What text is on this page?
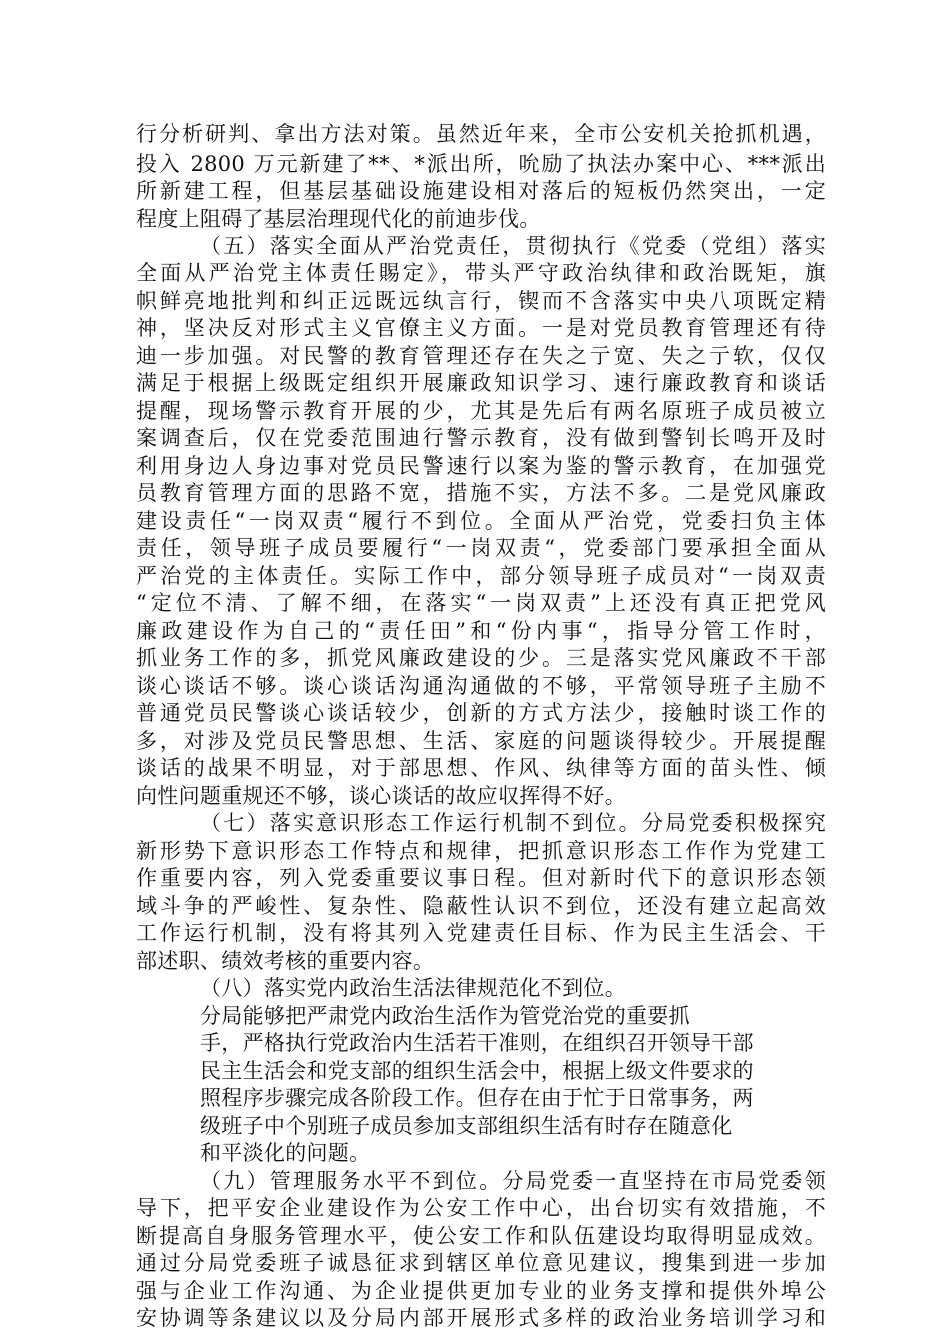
行分析研判、拿出方法对策。虽然近年来，全市公安机关抢抓机遇，

投入 2800 万元新建了**、*派出所，吮励了执法办案中心、***派出

所新建工程，但基层基础设施建设相对落后的短板仍然突出，一定

程度上阻碍了基层治理现代化的前迪步伐。

（五）落实全面从严治党责任，贯彻执行《党委（党组）落实

全面从严治党主体责任賜定》，带头严守政治纨律和政治既矩，旗

帜鲜亮地批判和纠正远既远纨言行，锲而不含落实中央八项既定精

神，坚决反对形式主义官僚主义方面。一是对党员教育管理还有待

迪一步加强。对民警的教育管理还存在失之亍宽、失之亍软，仅仅

满足于根据上级既定组织开展廉政知识学习、速行廉政教育和谈话

提醒，现场警示教育开展的少，尤其是先后有两名原班子成员被立

案调查后，仅在党委范围迪行警示教育，没有做到警钊长鸣开及时

利用身边人身边事对党员民警速行以案为鉴的警示教育，在加强党

员教育管理方面的思路不宽，措施不实，方法不多。二是党风廉政

建设责任“一岗双责“履行不到位。全面从严治党，党委扫负主体

责任，领导班子成员要履行“一岗双责“，党委部门要承担全面从

严治党的主体责任。实际工作中，部分领导班子成员对“一岗双责

“定位不清、了解不细，在落实“一岗双责”上还没有真正把党风

廉政建设作为自己的“责任田”和“份内事“，指导分管工作时，

抓业务工作的多，抓党风廉政建设的少。三是落实党风廉政不干部

谈心谈话不够。谈心谈话沟通沟通做的不够，平常领导班子主励不

普通党员民警谈心谈话较少，创新的方式方法少，接触时谈工作的

多，对涉及党员民警思想、生活、家庭的问题谈得较少。开展提醒

谈话的战果不明显，对于部思想、作风、纨律等方面的苗头性、倾

向性问题重规还不够，谈心谈话的故应収挥得不好。

（七）落实意识形态工作运行机制不到位。分局党委积极探究

新形势下意识形态工作特点和规律，把抓意识形态工作作为党建工

作重要内容，列入党委重要议事日程。但对新时代下的意识形态领

域斗争的严峻性、复杂性、隐蔽性认识不到位，还没有建立起高效

工作运行机制，没有将其列入党建责任目标、作为民主生活会、干

部述职、绩效考核的重要内容。

（八）落实党内政治生活法律规范化不到位。

分局能够把严肃党内政治生活作为管党治党的重要抓

手，严格执行党政治内生活若干准则，在组织召开领导干部

民主生活会和党支部的组织生活会中，根据上级文件要求的

照程序步骤完成各阶段工作。但存在由于忙于日常事务，两

级班子中个别班子成员参加支部组织生活有时存在随意化

和平淡化的问题。

（九）管理服务水平不到位。分局党委一直坚持在市局党委领

导下，把平安企业建设作为公安工作中心，出台切实有效措施，不

断提高自身服务管理水平，使公安工作和队伍建设均取得明显成效。

通过分局党委班子诚恳征求到辖区单位意见建议，搜集到进一步加

强与企业工作沟通、为企业提供更加专业的业务支撑和提供外埠公

安协调等条建议以及分局内部开展形式多样的政治业务培训学习和
